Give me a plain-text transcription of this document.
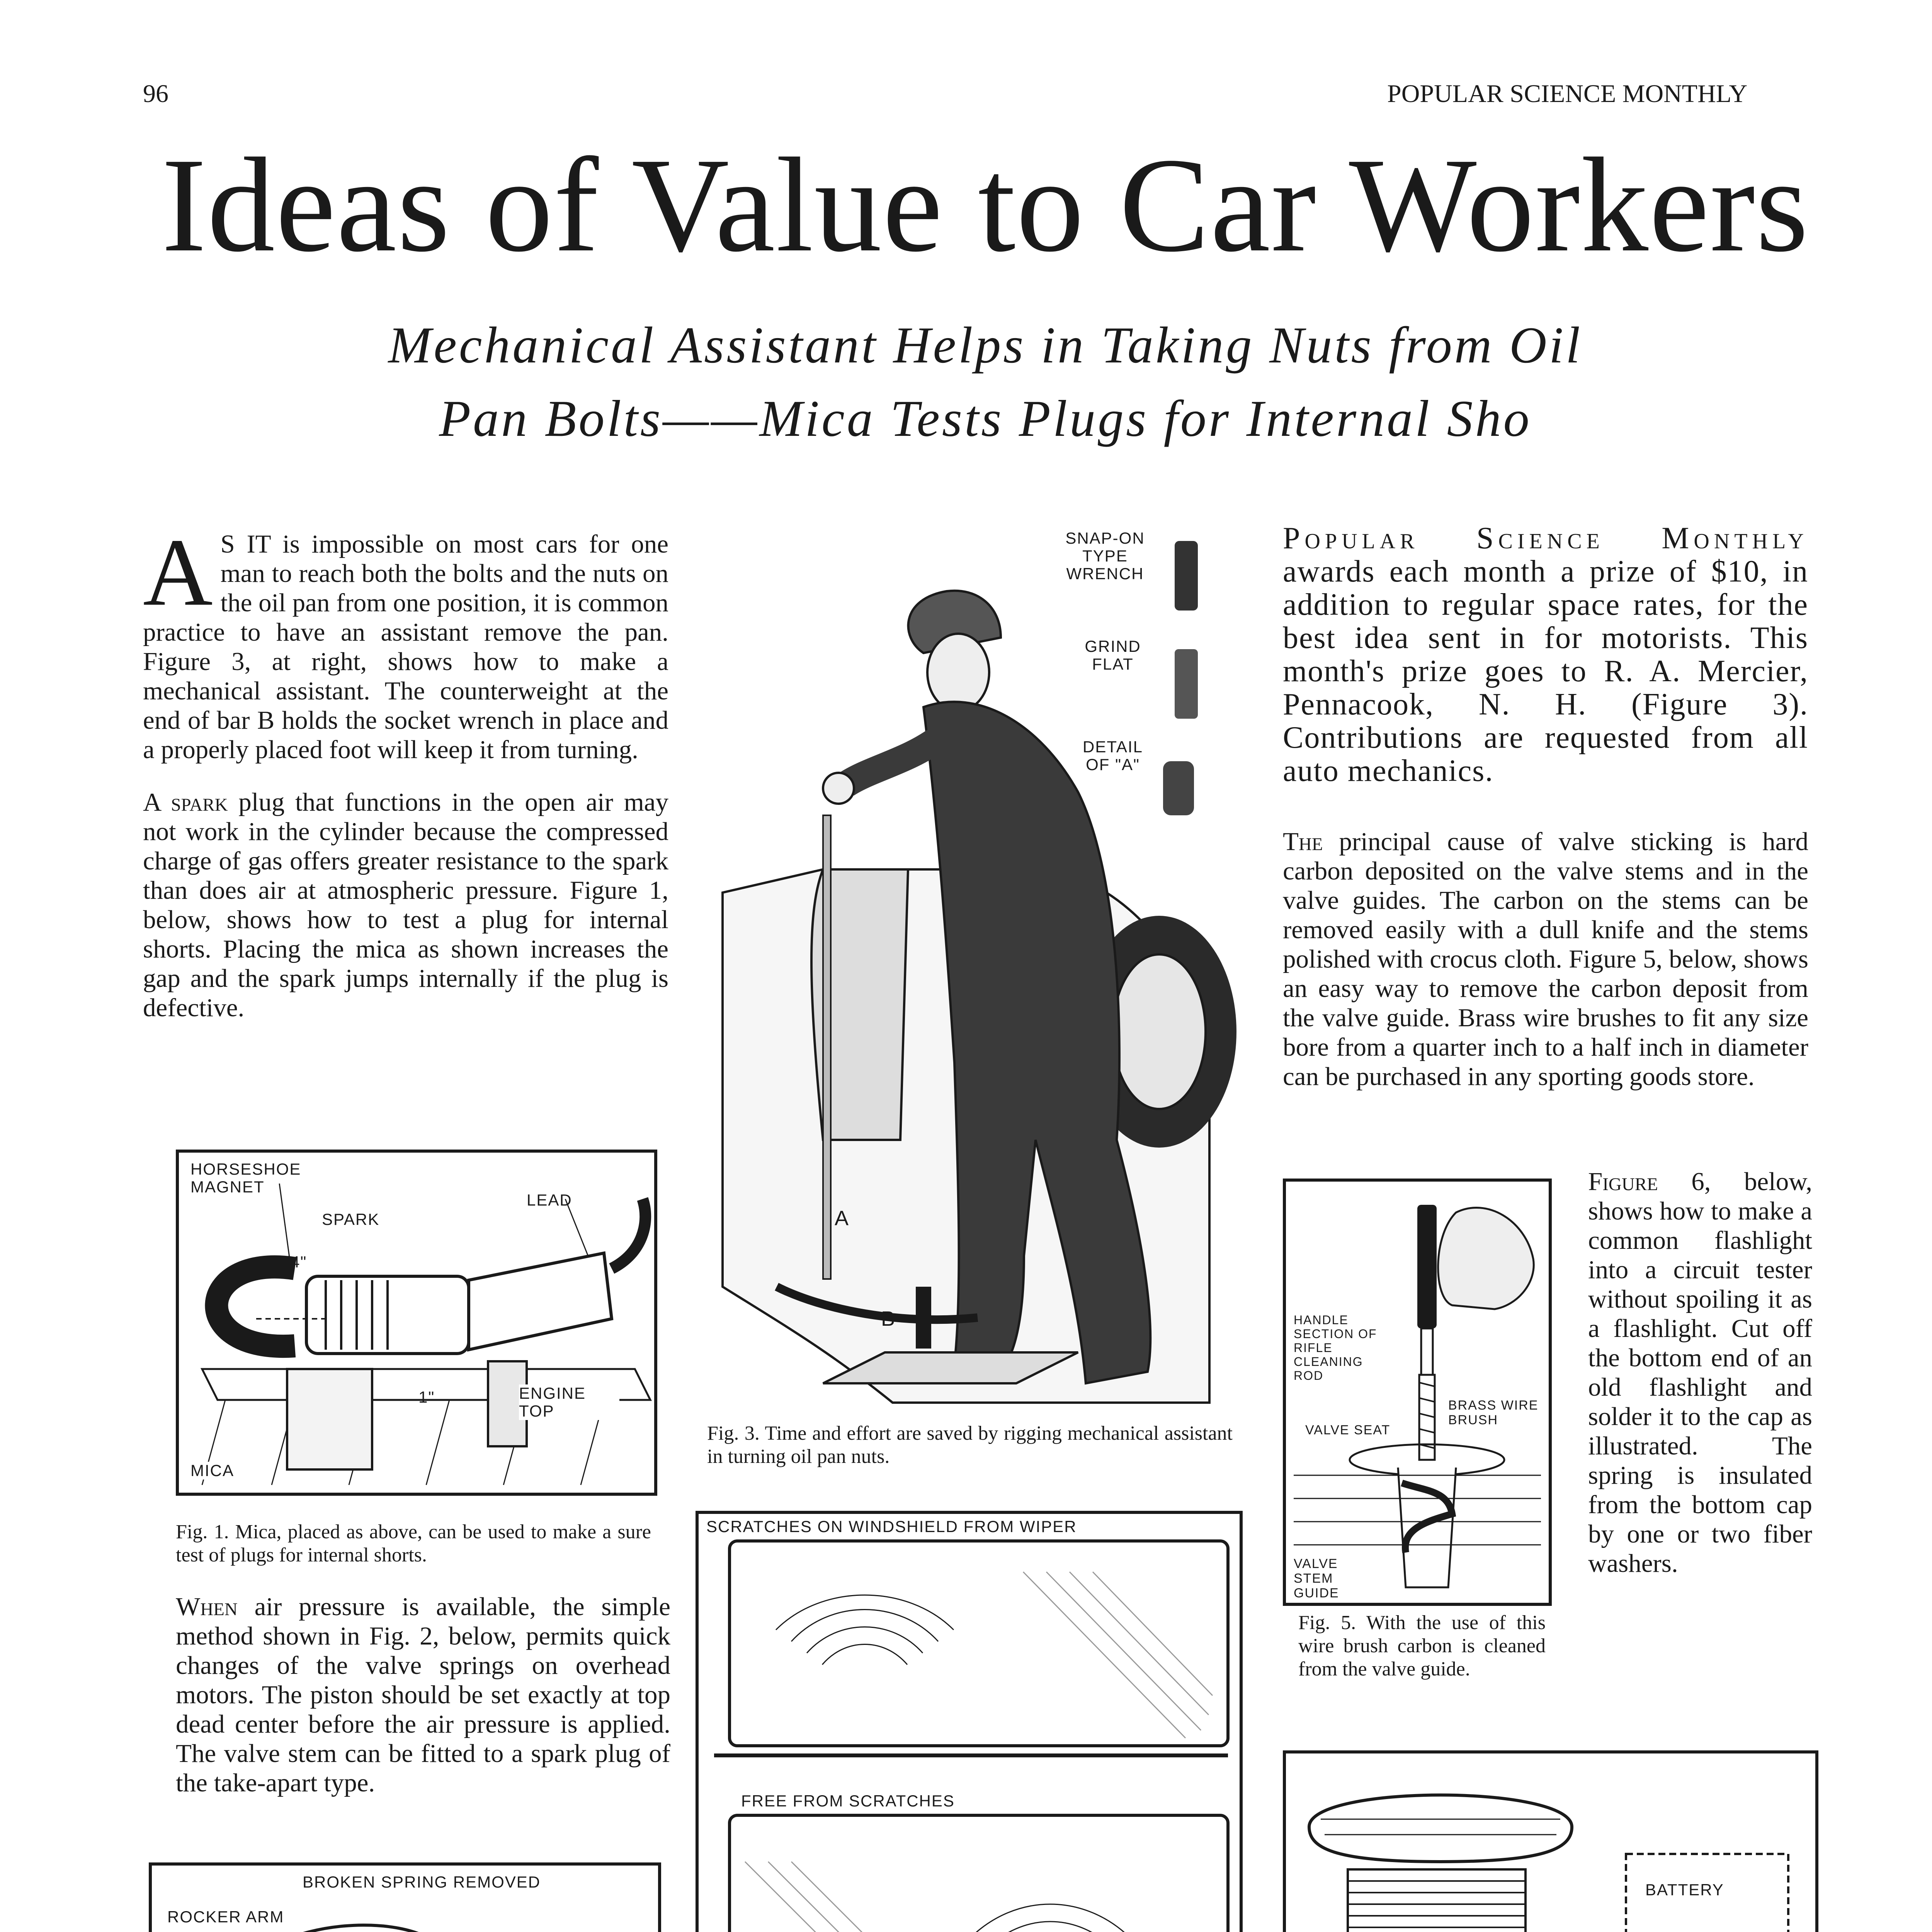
96	POPULAR SCIENCE MONTHLY
Ideas of Value to Car Workers
Mechanical Assistant Helps in Taking Nuts from Oil
Pan Bolts——Mica Tests Plugs for Internal Sho

A S IT is impossible on most cars for one man to reach both the bolts and the nuts on the oil pan from one position, it is common practice to have an assistant remove the pan. Figure 3, at right, shows how to make a mechanical assistant. The counterweight at the end of bar B holds the socket wrench in place and a properly placed foot will keep it from turning.

A spark plug that functions in the open air may not work in the cylinder because the compressed charge of gas offers greater resistance to the spark than does air at atmospheric pressure. Figure 1, below, shows how to test a plug for internal shorts. Placing the mica as shown increases the gap and the spark jumps internally if the plug is defective.

HORSESHOE MAGNET
LEAD
SPARK
1/4"
1"	ENGINE TOP
MICA
Fig. 1. Mica, placed as above, can be used to make a sure test of plugs for internal shorts.

When air pressure is available, the simple method shown in Fig. 2, below, permits quick changes of the valve springs on overhead motors. The piston should be set exactly at top dead center before the air pressure is applied. The valve stem can be fitted to a spark plug of the take-apart type.

BROKEN SPRING REMOVED
ROCKER ARM
SNAP-ON TYPE WRENCH
GRIND FLAT
DETAIL OF "A"
A
B
Fig. 3. Time and effort are saved by rigging mechanical assistant in turning oil pan nuts.
SCRATCHES ON WINDSHIELD FROM WIPER
FREE FROM SCRATCHES

Popular Science Monthly awards each month a prize of $10, in addition to regular space rates, for the best idea sent in for motorists. This month's prize goes to R. A. Mercier, Pennacook, N. H. (Figure 3). Contributions are requested from all auto mechanics.

The principal cause of valve sticking is hard carbon deposited on the valve stems and in the valve guides. The carbon on the stems can be removed easily with a dull knife and the stems polished with crocus cloth. Figure 5, below, shows an easy way to remove the carbon deposit from the valve guide. Brass wire brushes to fit any size bore from a quarter inch to a half inch in diameter can be purchased in any sporting goods store.

HANDLE SECTION OF RIFLE CLEANING ROD
BRASS WIRE BRUSH
VALVE SEAT
VALVE STEM GUIDE
Fig. 5. With the use of this wire brush carbon is cleaned from the valve guide.

Figure 6, below, shows how to make a common flashlight into a circuit tester without spoiling it as a flashlight. Cut off the bottom end of an old flashlight and solder it to the cap as illustrated. The spring is insulated from the bottom cap by one or two fiber washers.

BATTERY
